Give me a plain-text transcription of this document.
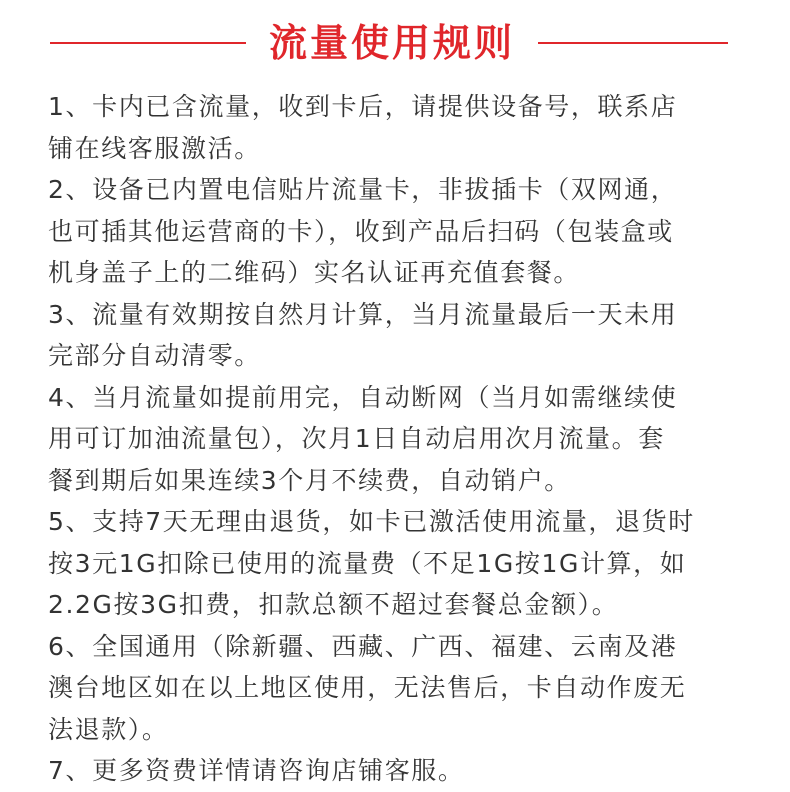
流量使用规则
1、卡内已含流量，收到卡后，请提供设备号，联系店
铺在线客服激活。
2、设备已内置电信贴片流量卡，非拔插卡（双网通，
也可插其他运营商的卡），收到产品后扫码（包装盒或
机身盖子上的二维码）实名认证再充值套餐。
3、流量有效期按自然月计算，当月流量最后一天未用
完部分自动清零。
4、当月流量如提前用完，自动断网（当月如需继续使
用可订加油流量包），次月1日自动启用次月流量。套
餐到期后如果连续3个月不续费，自动销户。
5、支持7天无理由退货，如卡已激活使用流量，退货时
按3元1G扣除已使用的流量费（不足1G按1G计算，如
2.2G按3G扣费，扣款总额不超过套餐总金额）。
6、全国通用（除新疆、西藏、广西、福建、云南及港
澳台地区如在以上地区使用，无法售后，卡自动作废无
法退款）。
7、更多资费详情请咨询店铺客服。
